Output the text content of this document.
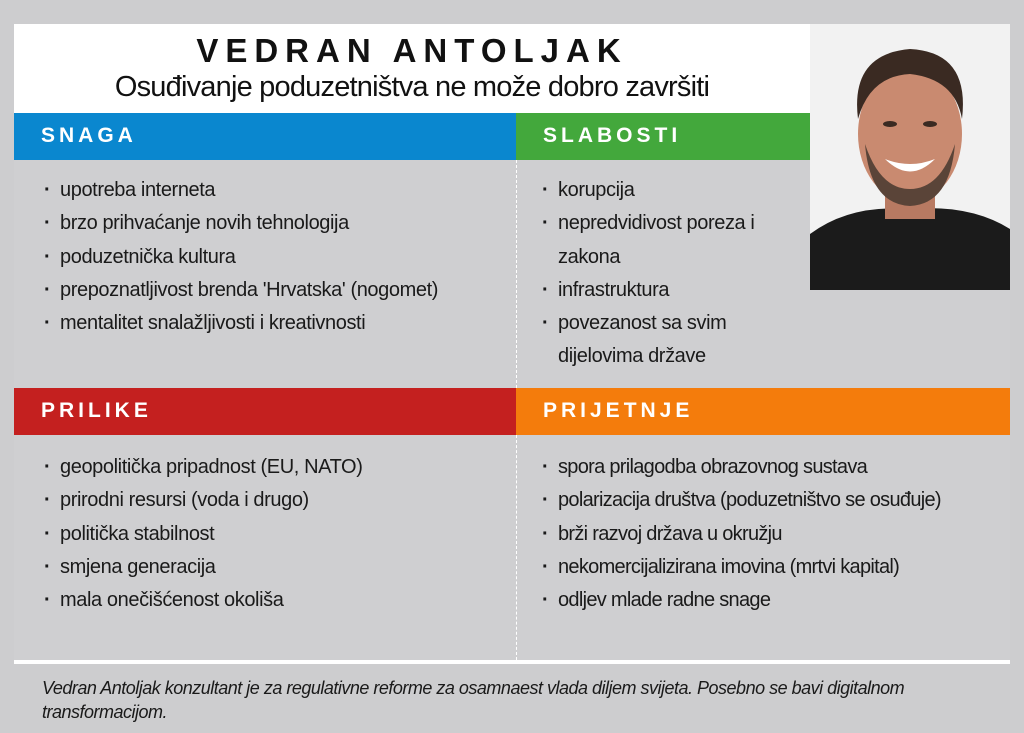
VEDRAN ANTOLJAK
Osuđivanje poduzetništva ne može dobro završiti
SNAGA	SLABOSTI
PRILIKE	PRIJETNJE
· upotreba interneta
· brzo prihvaćanje novih tehnologija
· poduzetnička kultura
· prepoznatljivost brenda 'Hrvatska' (nogomet)
· mentalitet snalažljivosti i kreativnosti
· korupcija
· nepredvidivost poreza i zakona
· infrastruktura
· povezanost sa svim dijelovima države
· geopolitička pripadnost (EU, NATO)
· prirodni resursi (voda i drugo)
· politička stabilnost
· smjena generacija
· mala onečišćenost okoliša
· spora prilagodba obrazovnog sustava
· polarizacija društva (poduzetništvo se osuđuje)
· brži razvoj država u okružju
· nekomercijalizirana imovina (mrtvi kapital)
· odljev mlade radne snage
Vedran Antoljak konzultant je za regulativne reforme za osamnaest vlada diljem svijeta. Posebno se bavi digitalnom transformacijom.
